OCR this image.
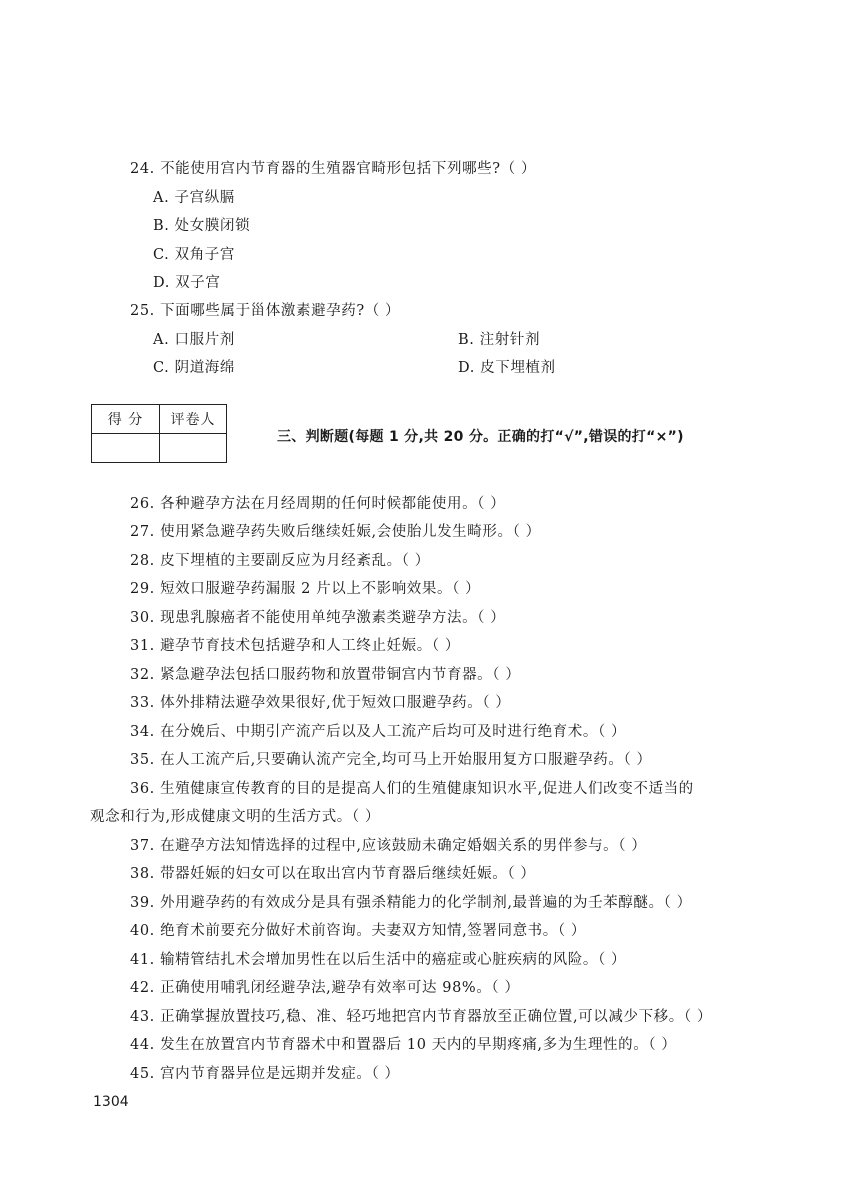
24. 不能使用宫内节育器的生殖器官畸形包括下列哪些?（ ）
A. 子宫纵膈
B. 处女膜闭锁
C. 双角子宫
D. 双子宫
25. 下面哪些属于甾体激素避孕药?（ ）
A. 口服片剂	B. 注射针剂
C. 阴道海绵	D. 皮下埋植剂
得 分	评卷人

三、判断题(每题 1 分,共 20 分。正确的打“√”,错误的打“×”)
26. 各种避孕方法在月经周期的任何时候都能使用。（ ）
27. 使用紧急避孕药失败后继续妊娠,会使胎儿发生畸形。（ ）
28. 皮下埋植的主要副反应为月经紊乱。（ ）
29. 短效口服避孕药漏服 2 片以上不影响效果。（ ）
30. 现患乳腺癌者不能使用单纯孕激素类避孕方法。（ ）
31. 避孕节育技术包括避孕和人工终止妊娠。（ ）
32. 紧急避孕法包括口服药物和放置带铜宫内节育器。（ ）
33. 体外排精法避孕效果很好,优于短效口服避孕药。（ ）
34. 在分娩后、中期引产流产后以及人工流产后均可及时进行绝育术。（ ）
35. 在人工流产后,只要确认流产完全,均可马上开始服用复方口服避孕药。（ ）
36. 生殖健康宣传教育的目的是提高人们的生殖健康知识水平,促进人们改变不适当的
观念和行为,形成健康文明的生活方式。（ ）
37. 在避孕方法知情选择的过程中,应该鼓励未确定婚姻关系的男伴参与。（ ）
38. 带器妊娠的妇女可以在取出宫内节育器后继续妊娠。（ ）
39. 外用避孕药的有效成分是具有强杀精能力的化学制剂,最普遍的为壬苯醇醚。（ ）
40. 绝育术前要充分做好术前咨询。夫妻双方知情,签署同意书。（ ）
41. 输精管结扎术会增加男性在以后生活中的癌症或心脏疾病的风险。（ ）
42. 正确使用哺乳闭经避孕法,避孕有效率可达 98%。（ ）
43. 正确掌握放置技巧,稳、准、轻巧地把宫内节育器放至正确位置,可以减少下移。（ ）
44. 发生在放置宫内节育器术中和置器后 10 天内的早期疼痛,多为生理性的。（ ）
45. 宫内节育器异位是远期并发症。（ ）
1304
